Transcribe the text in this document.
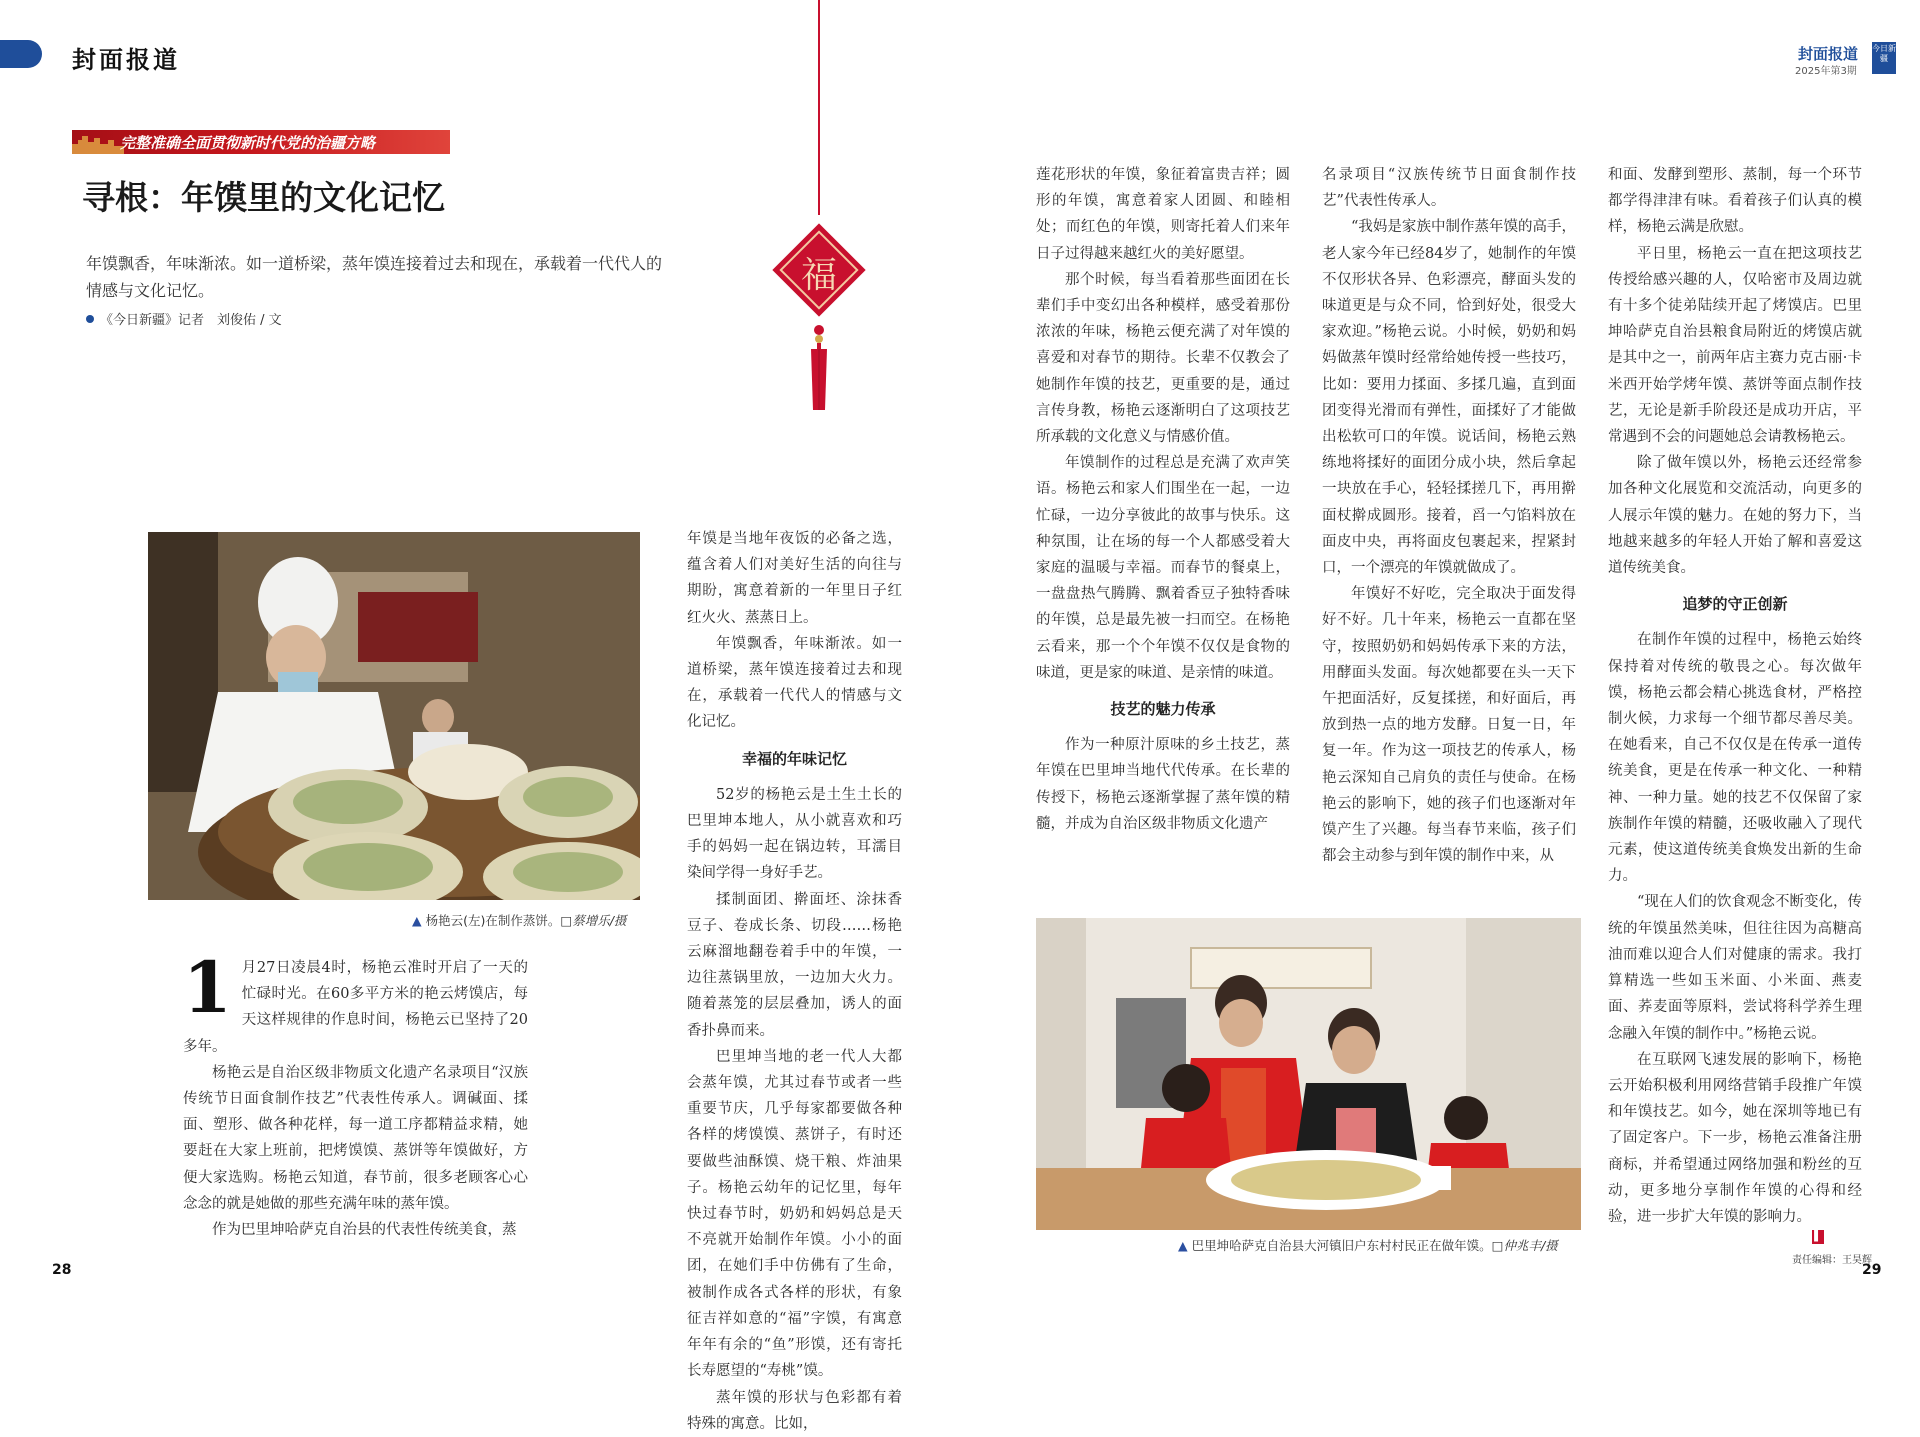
封面报道	封面报道
2025年第3期
今日新疆
完整准确全面贯彻新时代党的治疆方略
寻根：年馍里的文化记忆
年馍飘香，年味渐浓。如一道桥梁，蒸年馍连接着过去和现在，承载着一代代人的情感与文化记忆。
《今日新疆》记者　刘俊佑 / 文
福
▲ 杨艳云(左)在制作蒸饼。□蔡增乐/摄
▲ 巴里坤哈萨克自治县大河镇旧户东村村民正在做年馍。□仲兆丰/摄
1 月27日凌晨4时，杨艳云准时开启了一天的忙碌时光。在60多平方米的艳云烤馍店，每天这样规律的作息时间，杨艳云已坚持了20多年。

杨艳云是自治区级非物质文化遗产名录项目“汉族传统节日面食制作技艺”代表性传承人。调碱面、揉面、塑形、做各种花样，每一道工序都精益求精，她要赶在大家上班前，把烤馍馍、蒸饼等年馍做好，方便大家选购。杨艳云知道，春节前，很多老顾客心心念念的就是她做的那些充满年味的蒸年馍。

作为巴里坤哈萨克自治县的代表性传统美食，蒸

年馍是当地年夜饭的必备之选，蕴含着人们对美好生活的向往与期盼，寓意着新的一年里日子红红火火、蒸蒸日上。

年馍飘香，年味渐浓。如一道桥梁，蒸年馍连接着过去和现在，承载着一代代人的情感与文化记忆。

幸福的年味记忆

52岁的杨艳云是土生土长的巴里坤本地人，从小就喜欢和巧手的妈妈一起在锅边转，耳濡目染间学得一身好手艺。

揉制面团、擀面坯、涂抹香豆子、卷成长条、切段……杨艳云麻溜地翻卷着手中的年馍，一边往蒸锅里放，一边加大火力。随着蒸笼的层层叠加，诱人的面香扑鼻而来。

巴里坤当地的老一代人大都会蒸年馍，尤其过春节或者一些重要节庆，几乎每家都要做各种各样的烤馍馍、蒸饼子，有时还要做些油酥馍、烧干粮、炸油果子。杨艳云幼年的记忆里，每年快过春节时，奶奶和妈妈总是天不亮就开始制作年馍。小小的面团，在她们手中仿佛有了生命，被制作成各式各样的形状，有象征吉祥如意的“福”字馍，有寓意年年有余的“鱼”形馍，还有寄托长寿愿望的“寿桃”馍。

蒸年馍的形状与色彩都有着特殊的寓意。比如，

莲花形状的年馍，象征着富贵吉祥；圆形的年馍，寓意着家人团圆、和睦相处；而红色的年馍，则寄托着人们来年日子过得越来越红火的美好愿望。

那个时候，每当看着那些面团在长辈们手中变幻出各种模样，感受着那份浓浓的年味，杨艳云便充满了对年馍的喜爱和对春节的期待。长辈不仅教会了她制作年馍的技艺，更重要的是，通过言传身教，杨艳云逐渐明白了这项技艺所承载的文化意义与情感价值。

年馍制作的过程总是充满了欢声笑语。杨艳云和家人们围坐在一起，一边忙碌，一边分享彼此的故事与快乐。这种氛围，让在场的每一个人都感受着大家庭的温暖与幸福。而春节的餐桌上，一盘盘热气腾腾、飘着香豆子独特香味的年馍，总是最先被一扫而空。在杨艳云看来，那一个个年馍不仅仅是食物的味道，更是家的味道、是亲情的味道。

技艺的魅力传承

作为一种原汁原味的乡土技艺，蒸年馍在巴里坤当地代代传承。在长辈的传授下，杨艳云逐渐掌握了蒸年馍的精髓，并成为自治区级非物质文化遗产

名录项目“汉族传统节日面食制作技艺”代表性传承人。

“我妈是家族中制作蒸年馍的高手，老人家今年已经84岁了，她制作的年馍不仅形状各异、色彩漂亮，酵面头发的味道更是与众不同，恰到好处，很受大家欢迎。”杨艳云说。小时候，奶奶和妈妈做蒸年馍时经常给她传授一些技巧，比如：要用力揉面、多揉几遍，直到面团变得光滑而有弹性，面揉好了才能做出松软可口的年馍。说话间，杨艳云熟练地将揉好的面团分成小块，然后拿起一块放在手心，轻轻揉搓几下，再用擀面杖擀成圆形。接着，舀一勺馅料放在面皮中央，再将面皮包裹起来，捏紧封口，一个漂亮的年馍就做成了。

年馍好不好吃，完全取决于面发得好不好。几十年来，杨艳云一直都在坚守，按照奶奶和妈妈传承下来的方法，用酵面头发面。每次她都要在头一天下午把面活好，反复揉搓，和好面后，再放到热一点的地方发酵。日复一日，年复一年。作为这一项技艺的传承人，杨艳云深知自己肩负的责任与使命。在杨艳云的影响下，她的孩子们也逐渐对年馍产生了兴趣。每当春节来临，孩子们都会主动参与到年馍的制作中来，从

和面、发酵到塑形、蒸制，每一个环节都学得津津有味。看着孩子们认真的模样，杨艳云满是欣慰。

平日里，杨艳云一直在把这项技艺传授给感兴趣的人，仅哈密市及周边就有十多个徒弟陆续开起了烤馍店。巴里坤哈萨克自治县粮食局附近的烤馍店就是其中之一，前两年店主赛力克古丽·卡米西开始学烤年馍、蒸饼等面点制作技艺，无论是新手阶段还是成功开店，平常遇到不会的问题她总会请教杨艳云。

除了做年馍以外，杨艳云还经常参加各种文化展览和交流活动，向更多的人展示年馍的魅力。在她的努力下，当地越来越多的年轻人开始了解和喜爱这道传统美食。

追梦的守正创新

在制作年馍的过程中，杨艳云始终保持着对传统的敬畏之心。每次做年馍，杨艳云都会精心挑选食材，严格控制火候，力求每一个细节都尽善尽美。在她看来，自己不仅仅是在传承一道传统美食，更是在传承一种文化、一种精神、一种力量。她的技艺不仅保留了家族制作年馍的精髓，还吸收融入了现代元素，使这道传统美食焕发出新的生命力。

“现在人们的饮食观念不断变化，传统的年馍虽然美味，但往往因为高糖高油而难以迎合人们对健康的需求。我打算精选一些如玉米面、小米面、燕麦面、荞麦面等原料，尝试将科学养生理念融入年馍的制作中。”杨艳云说。

在互联网飞速发展的影响下，杨艳云开始积极利用网络营销手段推广年馍和年馍技艺。如今，她在深圳等地已有了固定客户。下一步，杨艳云准备注册商标，并希望通过网络加强和粉丝的互动，更多地分享制作年馍的心得和经验，进一步扩大年馍的影响力。

▌
28
责任编辑：王昊辉
29
